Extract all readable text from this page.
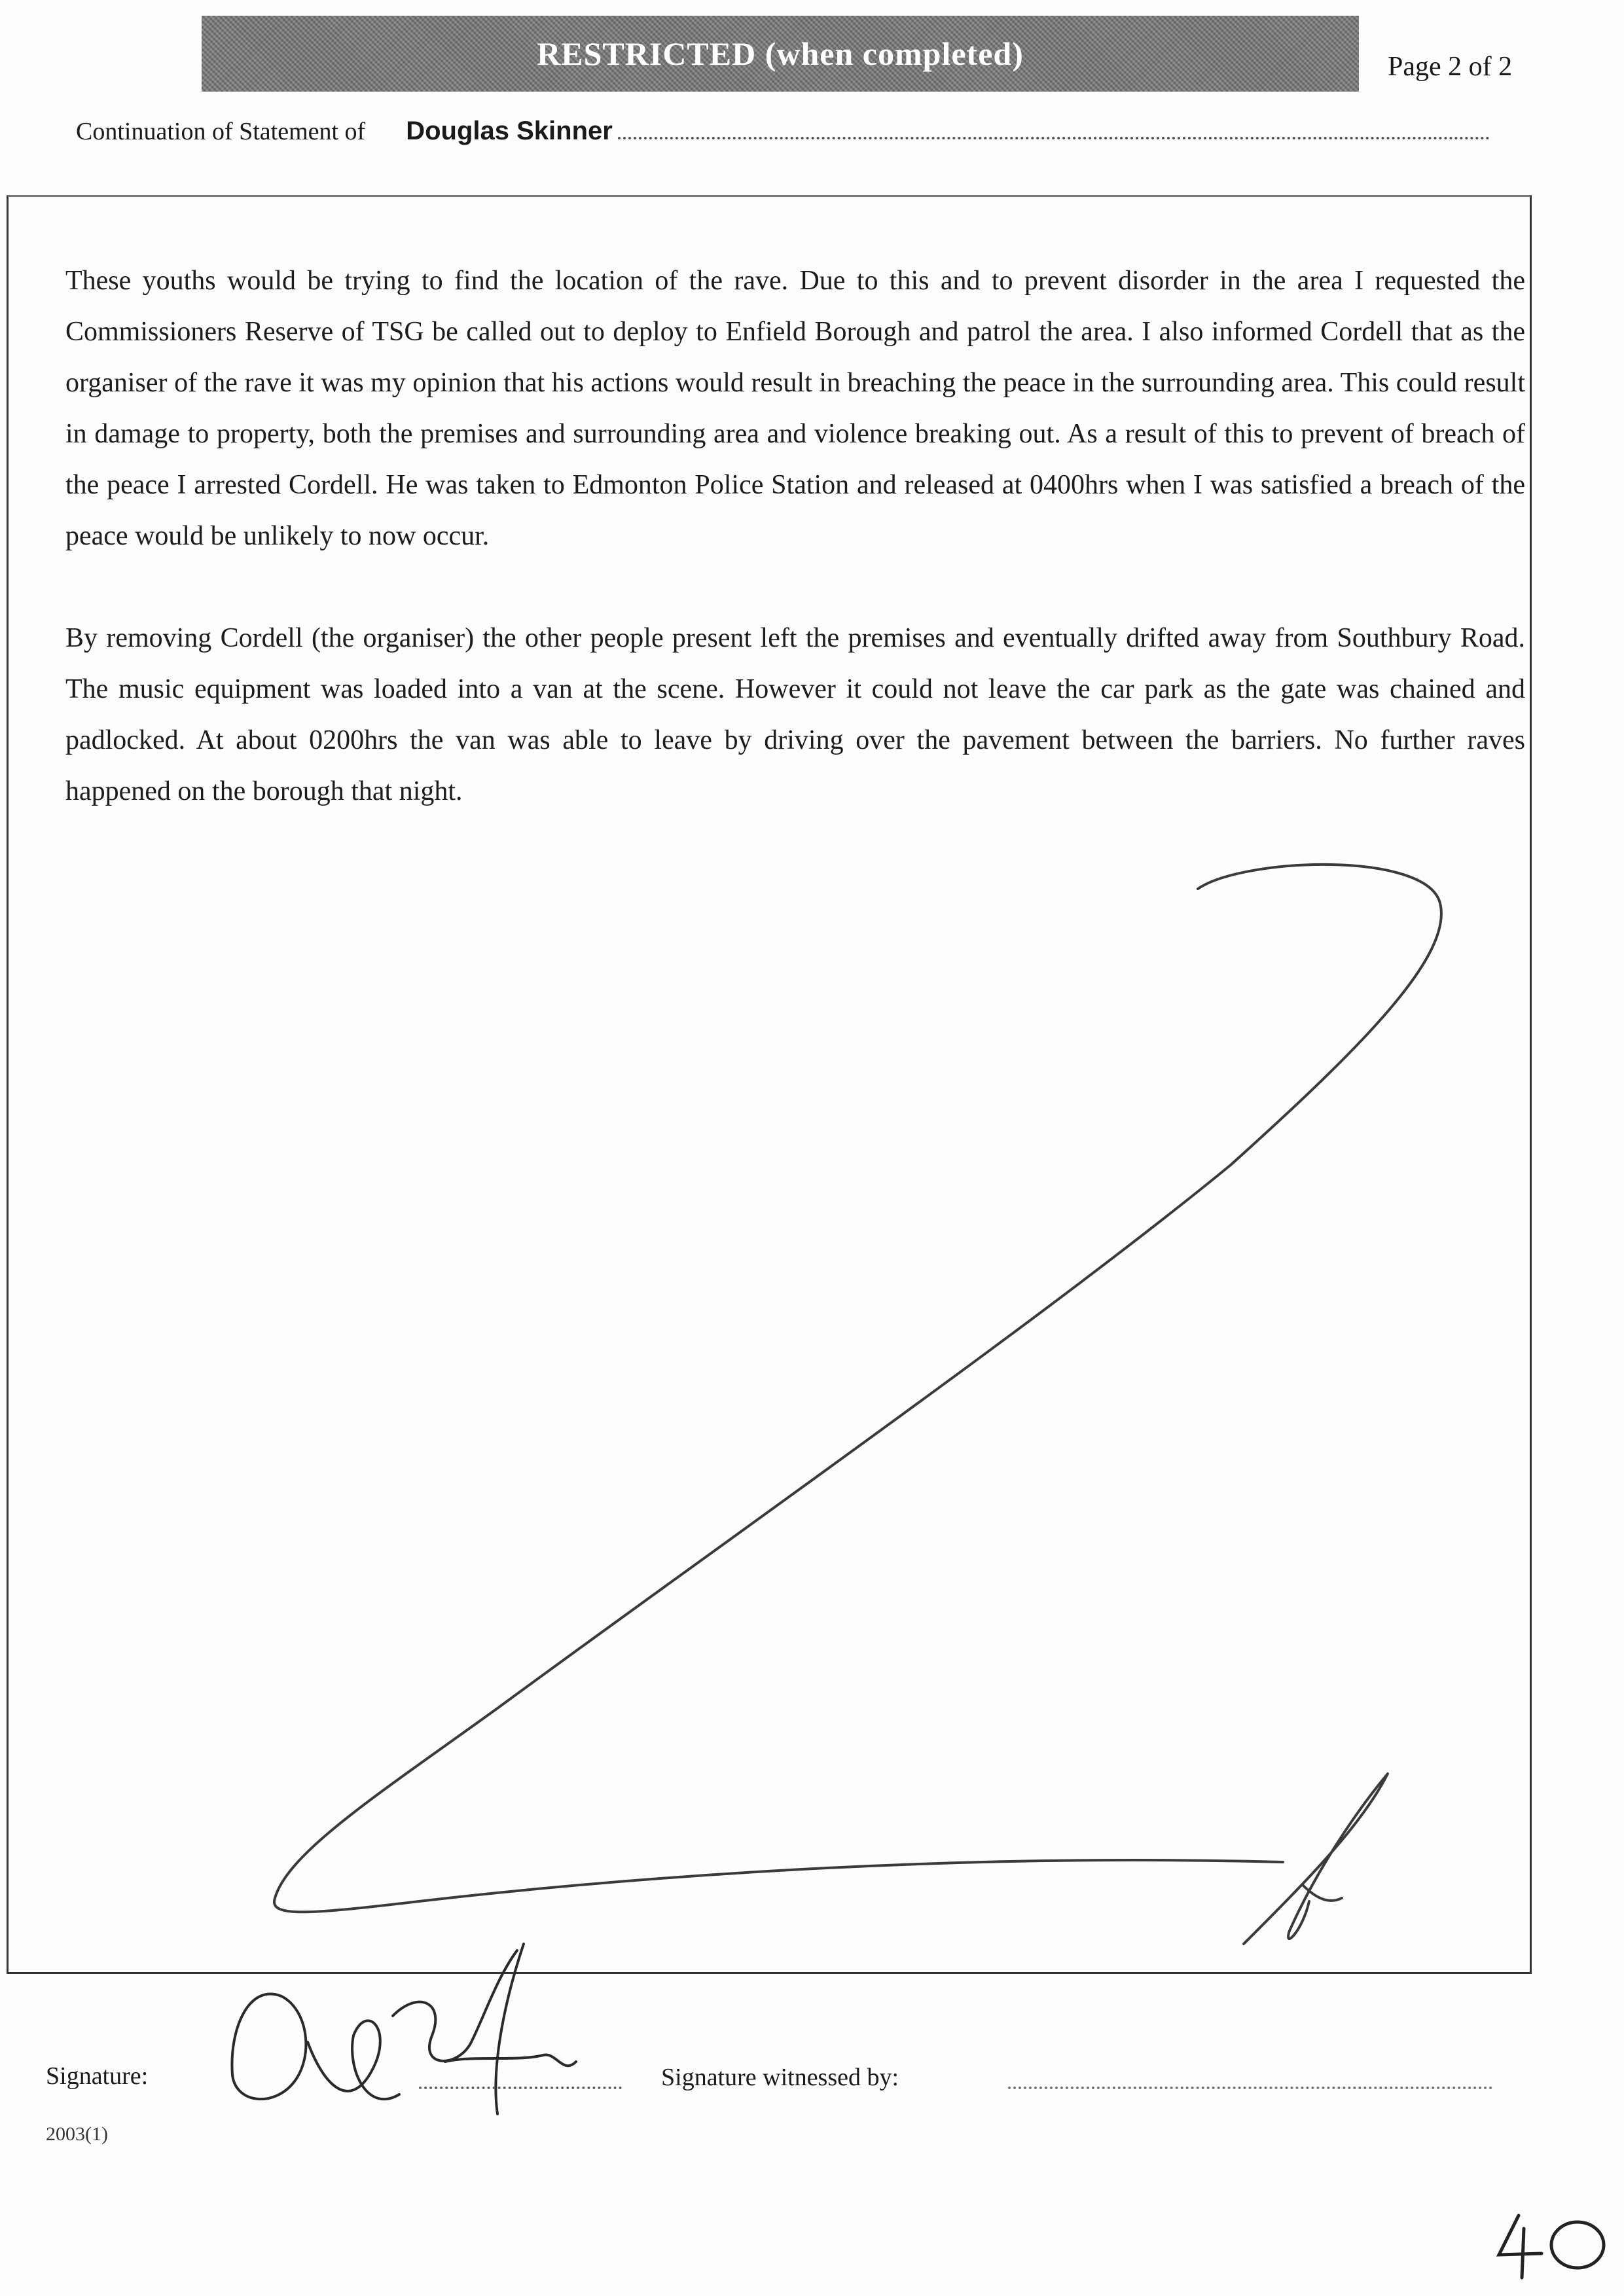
RESTRICTED (when completed)	Page 2 of 2
Continuation of Statement of Douglas Skinner

These youths would be trying to find the location of the rave. Due to this and to prevent disorder in the area I requested the Commissioners Reserve of TSG be called out to deploy to Enfield Borough and patrol the area. I also informed Cordell that as the organiser of the rave it was my opinion that his actions would result in breaching the peace in the surrounding area. This could result in damage to property, both the premises and surrounding area and violence breaking out. As a result of this to prevent of breach of the peace I arrested Cordell. He was taken to Edmonton Police Station and released at 0400hrs when I was satisfied a breach of the peace would be unlikely to now occur.

By removing Cordell (the organiser) the other people present left the premises and eventually drifted away from Southbury Road. The music equipment was loaded into a van at the scene. However it could not leave the car park as the gate was chained and padlocked. At about 0200hrs the van was able to leave by driving over the pavement between the barriers. No further raves happened on the borough that night.

Signature:	Signature witnessed by:
2003(1)
